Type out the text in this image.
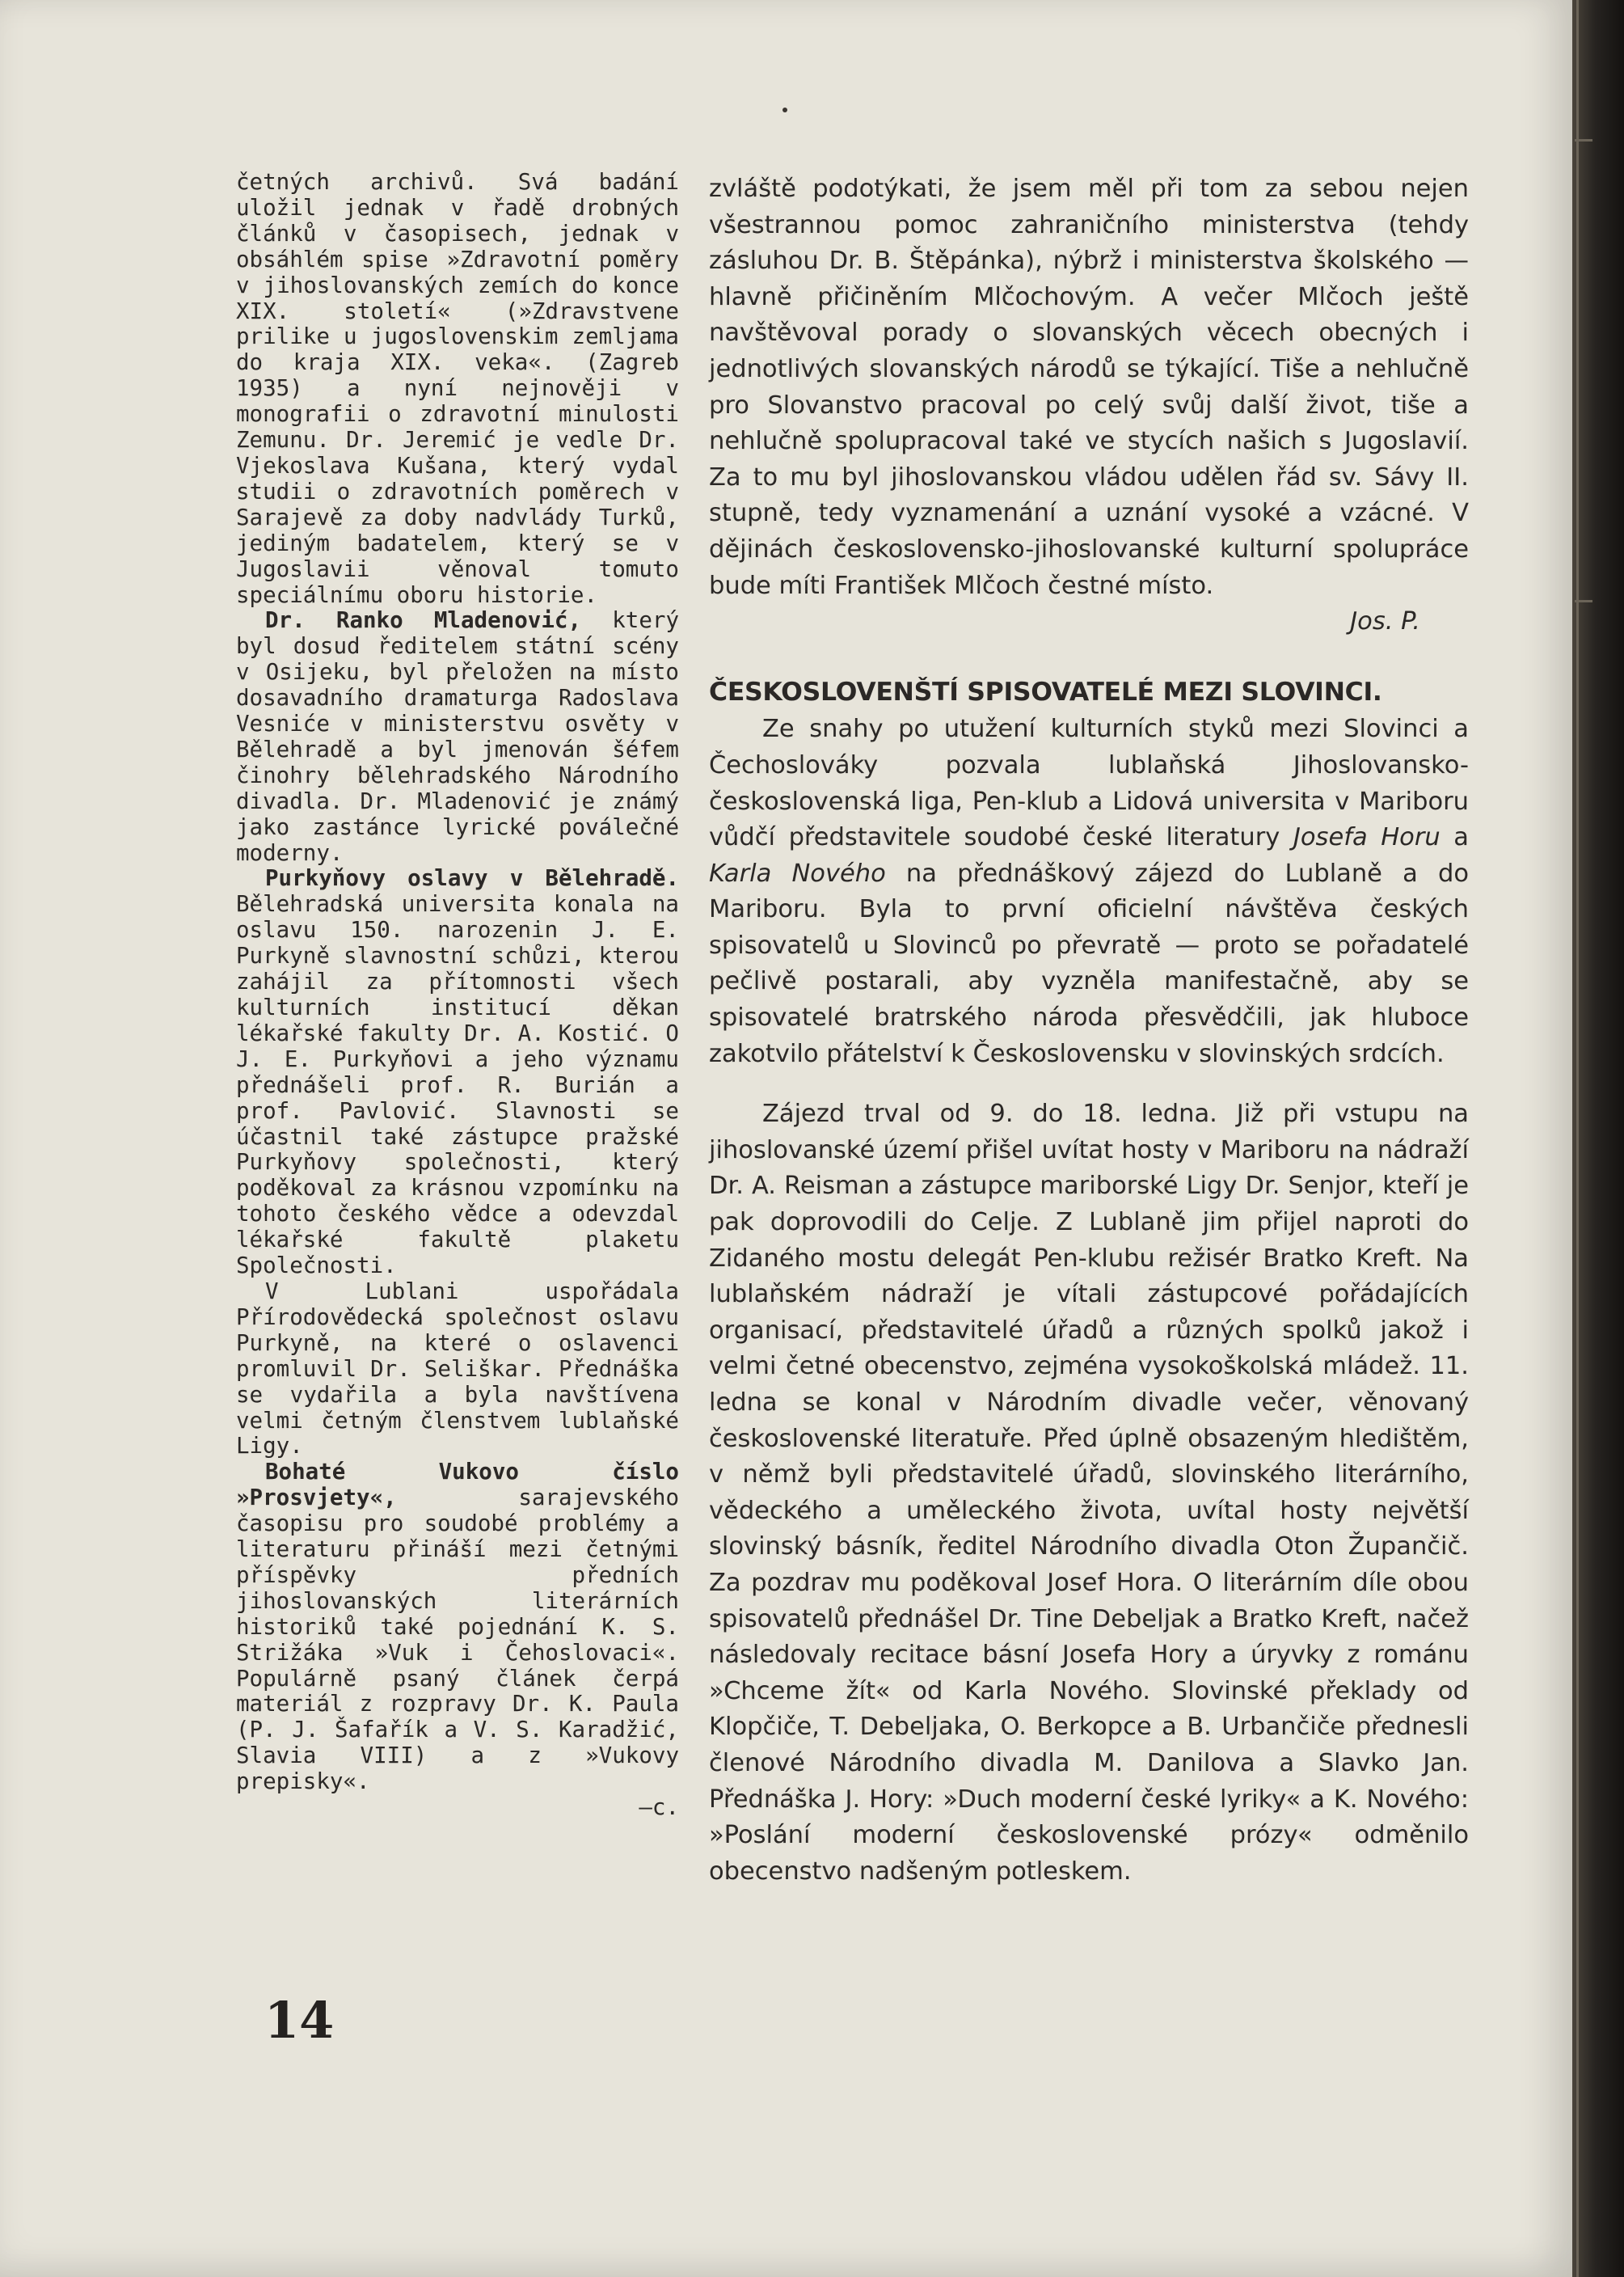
četných archivů. Svá badání uložil jednak v řadě drobných článků v časopisech, jednak v obsáhlém spise »Zdravotní poměry v jihoslovanských zemích do konce XIX. století« (»Zdravstvene prilike u jugoslovenskim zemljama do kraja XIX. veka«. (Zagreb 1935) a nyní nejnověji v monografii o zdravotní minulosti Zemunu. Dr. Jeremić je vedle Dr. Vjekoslava Kušana, který vydal studii o zdravotních poměrech v Sarajevě za doby nadvlády Turků, jediným badatelem, který se v Jugoslavii věnoval tomuto speciálnímu oboru historie.

Dr. Ranko Mladenović, který byl dosud ředitelem státní scény v Osijeku, byl přeložen na místo dosavadního dramaturga Radoslava Vesniće v ministerstvu osvěty v Bělehradě a byl jmenován šéfem činohry bělehradského Národního divadla. Dr. Mladenović je známý jako zastánce lyrické poválečné moderny.

Purkyňovy oslavy v Bělehradě. Bělehradská universita konala na oslavu 150. narozenin J. E. Purkyně slavnostní schůzi, kterou zahájil za přítomnosti všech kulturních institucí děkan lékařské fakulty Dr. A. Kostić. O J. E. Purkyňovi a jeho významu přednášeli prof. R. Burián a prof. Pavlović. Slavnosti se účastnil také zástupce pražské Purkyňovy společnosti, který poděkoval za krásnou vzpomínku na tohoto českého vědce a odevzdal lékařské fakultě plaketu Společnosti.

V Lublani uspořádala Přírodovědecká společnost oslavu Purkyně, na které o oslavenci promluvil Dr. Seliškar. Přednáška se vydařila a byla navštívena velmi četným členstvem lublaňské Ligy.

Bohaté Vukovo číslo »Prosvjety«, sarajevského časopisu pro soudobé problémy a literaturu přináší mezi četnými příspěvky předních jihoslovanských literárních historiků také pojednání K. S. Strižáka »Vuk i Čehoslovaci«. Populárně psaný článek čerpá materiál z rozpravy Dr. K. Paula (P. J. Šafařík a V. S. Karadžić, Slavia VIII) a z »Vukovy prepisky«.

—c.

zvláště podotýkati, že jsem měl při tom za sebou nejen všestrannou pomoc zahraničního ministerstva (tehdy zásluhou Dr. B. Štěpánka), nýbrž i ministerstva školského — hlavně přičiněním Mlčochovým. A večer Mlčoch ještě navštěvoval porady o slovanských věcech obecných i jednotlivých slovanských národů se týkající. Tiše a nehlučně pro Slovanstvo pracoval po celý svůj další život, tiše a nehlučně spolupracoval také ve stycích našich s Jugoslavií. Za to mu byl jihoslovanskou vládou udělen řád sv. Sávy II. stupně, tedy vyznamenání a uznání vysoké a vzácné. V dějinách československo-jihoslovanské kulturní spolupráce bude míti František Mlčoch čestné místo.

Jos. P.

ČESKOSLOVENŠTÍ SPISOVATELÉ MEZI SLOVINCI.

Ze snahy po utužení kulturních styků mezi Slovinci a Čechoslováky pozvala lublaňská Jihoslovansko-československá liga, Pen-klub a Lidová universita v Mariboru vůdčí představitele soudobé české literatury Josefa Horu a Karla Nového na přednáškový zájezd do Lublaně a do Mariboru. Byla to první oficielní návštěva českých spisovatelů u Slovinců po převratě — proto se pořadatelé pečlivě postarali, aby vyzněla manifestačně, aby se spisovatelé bratrského národa přesvědčili, jak hluboce zakotvilo přátelství k Československu v slovinských srdcích.

Zájezd trval od 9. do 18. ledna. Již při vstupu na jihoslovanské území přišel uvítat hosty v Mariboru na nádraží Dr. A. Reisman a zástupce mariborské Ligy Dr. Senjor, kteří je pak doprovodili do Celje. Z Lublaně jim přijel naproti do Zidaného mostu delegát Pen-klubu režisér Bratko Kreft. Na lublaňském nádraží je vítali zástupcové pořádajících organisací, představitelé úřadů a různých spolků jakož i velmi četné obecenstvo, zejména vysokoškolská mládež. 11. ledna se konal v Národním divadle večer, věnovaný československé literatuře. Před úplně obsazeným hledištěm, v němž byli představitelé úřadů, slovinského literárního, vědeckého a uměleckého života, uvítal hosty největší slovinský básník, ředitel Národního divadla Oton Župančič. Za pozdrav mu poděkoval Josef Hora. O literárním díle obou spisovatelů přednášel Dr. Tine Debeljak a Bratko Kreft, načež následovaly recitace básní Josefa Hory a úryvky z románu »Chceme žít« od Karla Nového. Slovinské překlady od Klopčiče, T. Debeljaka, O. Berkopce a B. Urbančiče přednesli členové Národního divadla M. Danilova a Slavko Jan. Přednáška J. Hory: »Duch moderní české lyriky« a K. Nového: »Poslání moderní československé prózy« odměnilo obecenstvo nadšeným potleskem.

14
